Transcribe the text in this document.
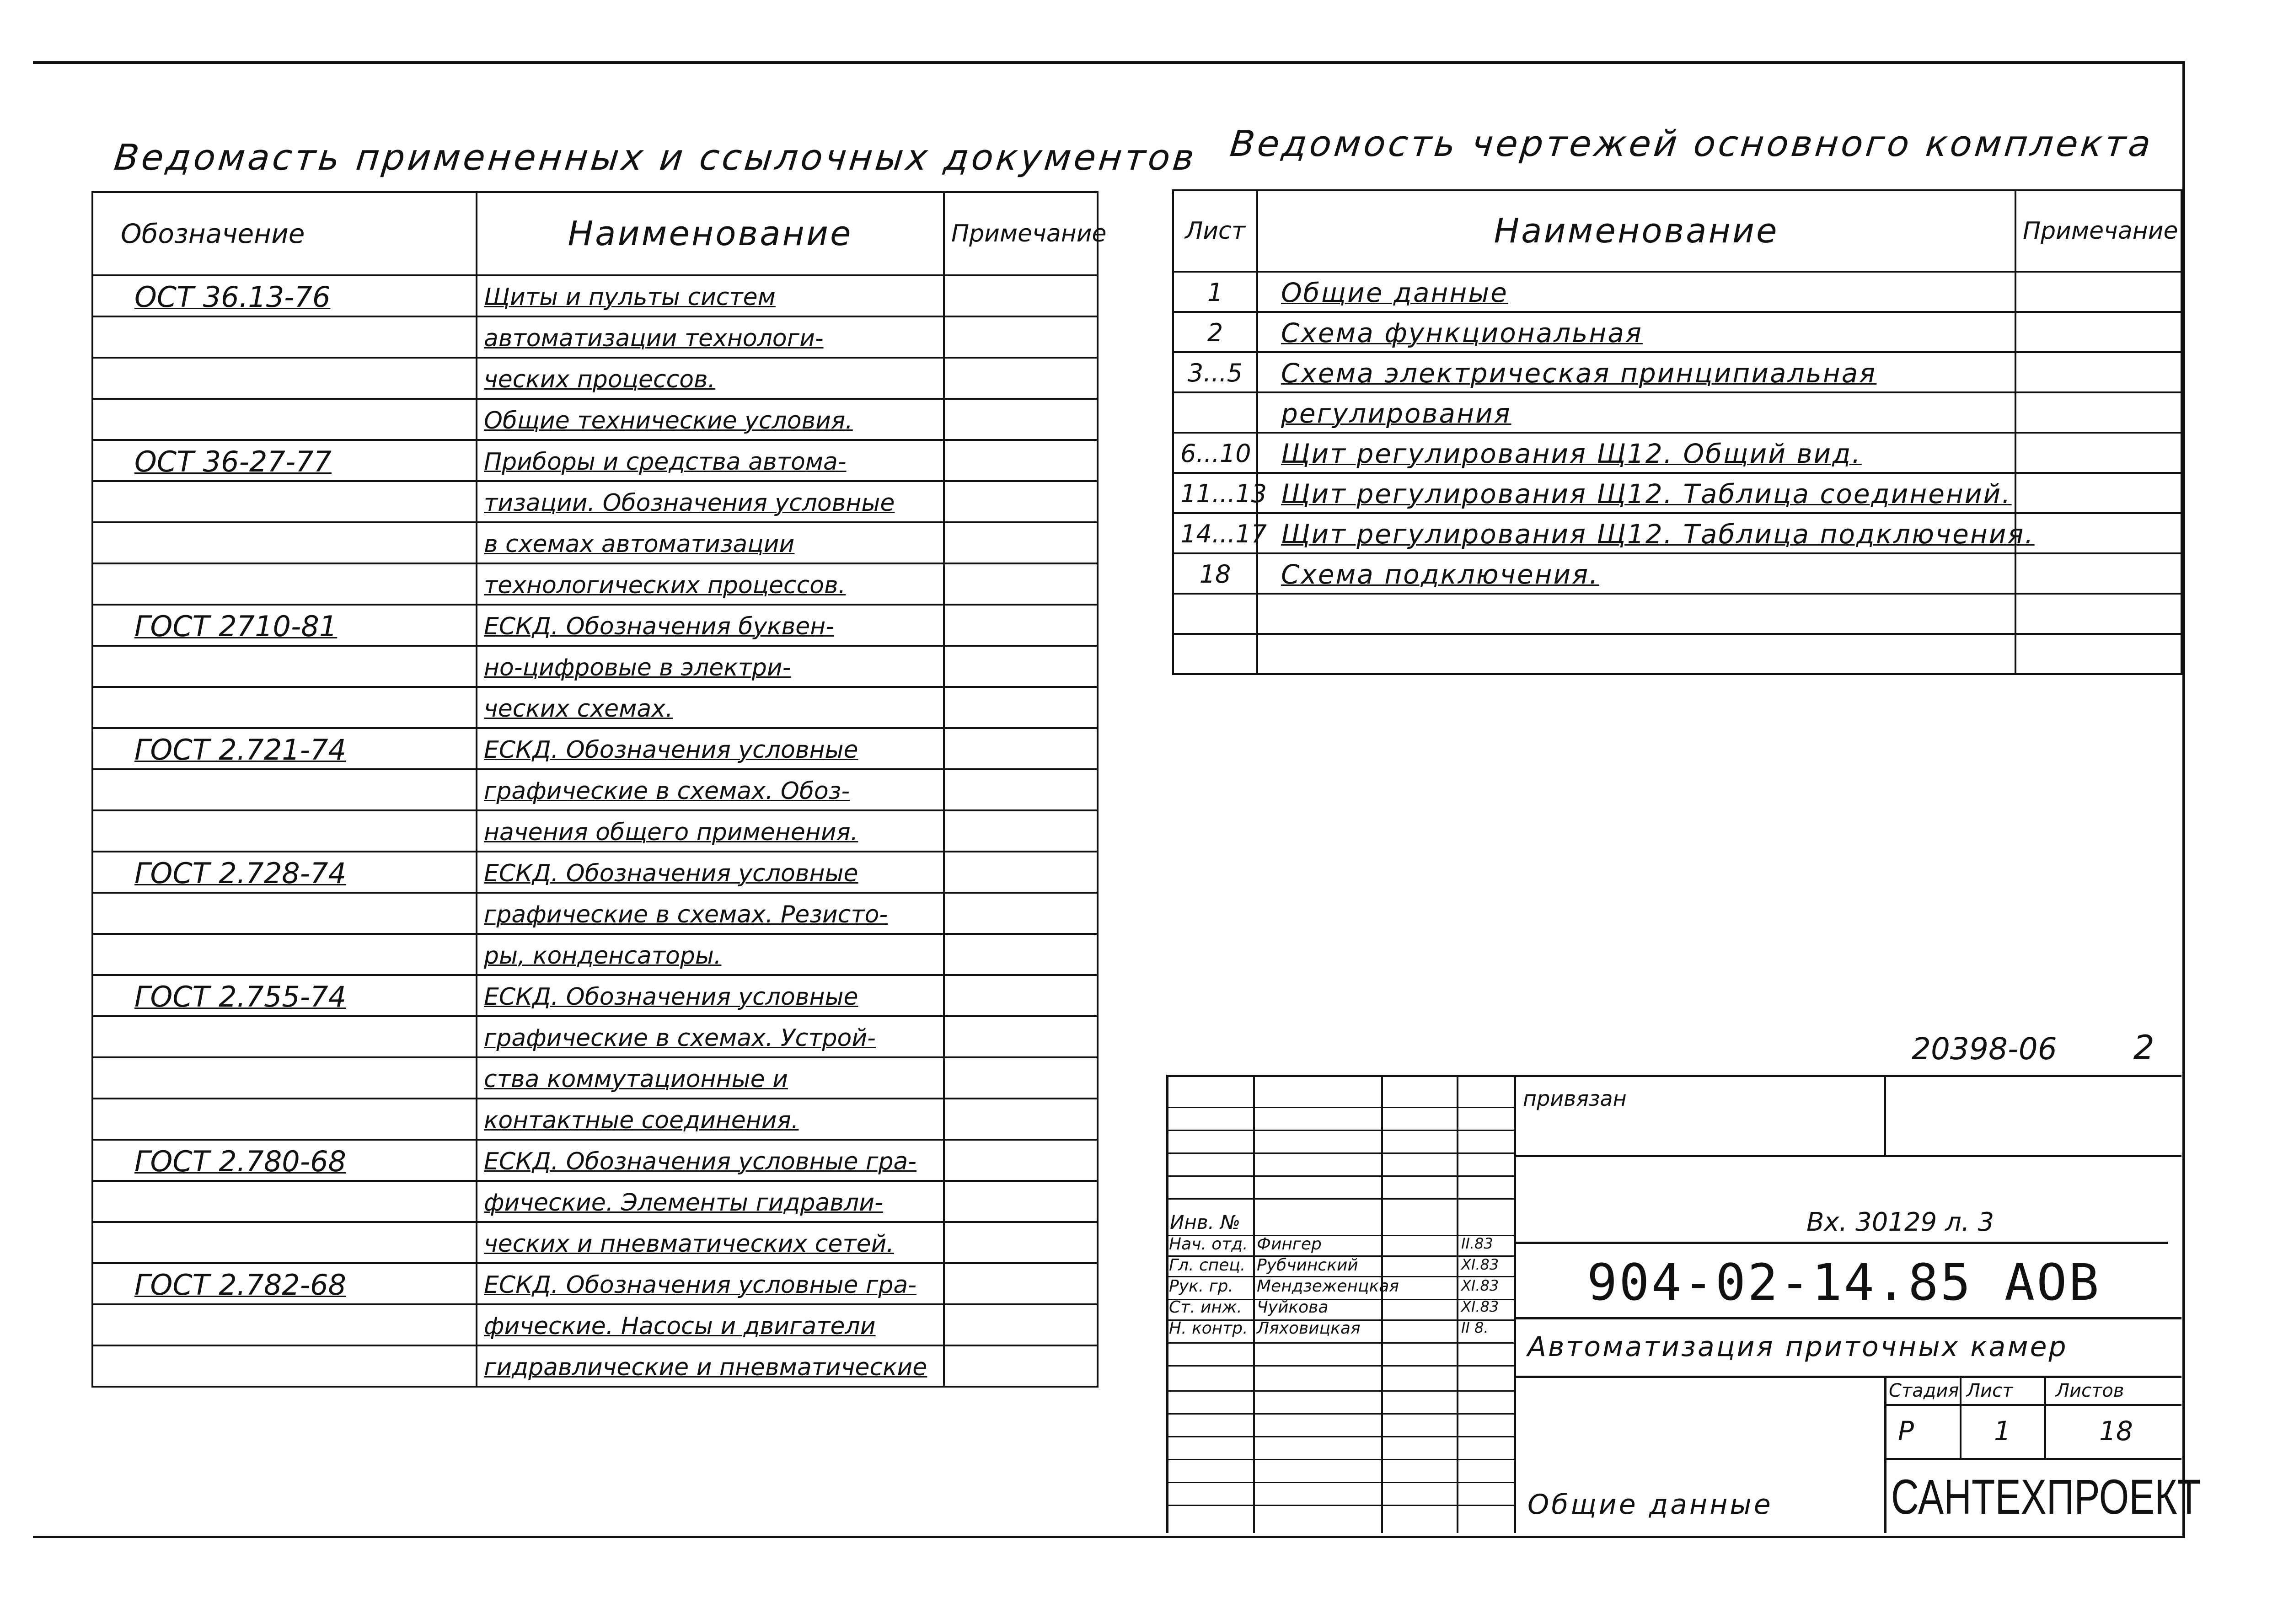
Ведомасть примененных и ссылочных документов
Обозначение	Наименование	Примечание
ОСТ 36.13-76	Щиты и пульты систем	
	автоматизации технологи-	
	ческих процессов.	
	Общие технические условия.	
ОСТ 36-27-77	Приборы и средства автома-	
	тизации. Обозначения условные	
	в схемах автоматизации	
	технологических процессов.	
ГОСТ 2710-81	ЕСКД. Обозначения буквен-	
	но-цифровые в электри-	
	ческих схемах.	
ГОСТ 2.721-74	ЕСКД. Обозначения условные	
	графические в схемах. Обоз-	
	начения общего применения.	
ГОСТ 2.728-74	ЕСКД. Обозначения условные	
	графические в схемах. Резисто-	
	ры, конденсаторы.	
ГОСТ 2.755-74	ЕСКД. Обозначения условные	
	графические в схемах. Устрой-	
	ства коммутационные и	
	контактные соединения.	
ГОСТ 2.780-68	ЕСКД. Обозначения условные гра-	
	фические. Элементы гидравли-	
	ческих и пневматических сетей.	
ГОСТ 2.782-68	ЕСКД. Обозначения условные гра-	
	фические. Насосы и двигатели	
	гидравлические и пневматические	
Ведомость чертежей основного комплекта
Лист	Наименование	Примечание
1	Общие данные	
2	Схема функциональная	
3...5	Схема электрическая принципиальная	
	регулирования	
6...10	Щит регулирования Щ12. Общий вид.	
11...13	Щит регулирования Щ12. Таблица соединений.	
14...17	Щит регулирования Щ12. Таблица подключения.	
18	Схема подключения.	

20398-06 2
привязан
Инв. №	Вх. 30129 л. 3
Нач. отд. Фингер	II.83
Гл. спец. Рубчинский	XI.83
Рук. гр. Мендзеженцкая	XI.83
Ст. инж. Чуйкова	XI.83
Н. контр. Ляховицкая	II 8.
904-02-14.85 АОВ
Автоматизация приточных камер
Стадия Лист Листов
Р	1	18
Общие данные САНТЕХПРОЕКТ
